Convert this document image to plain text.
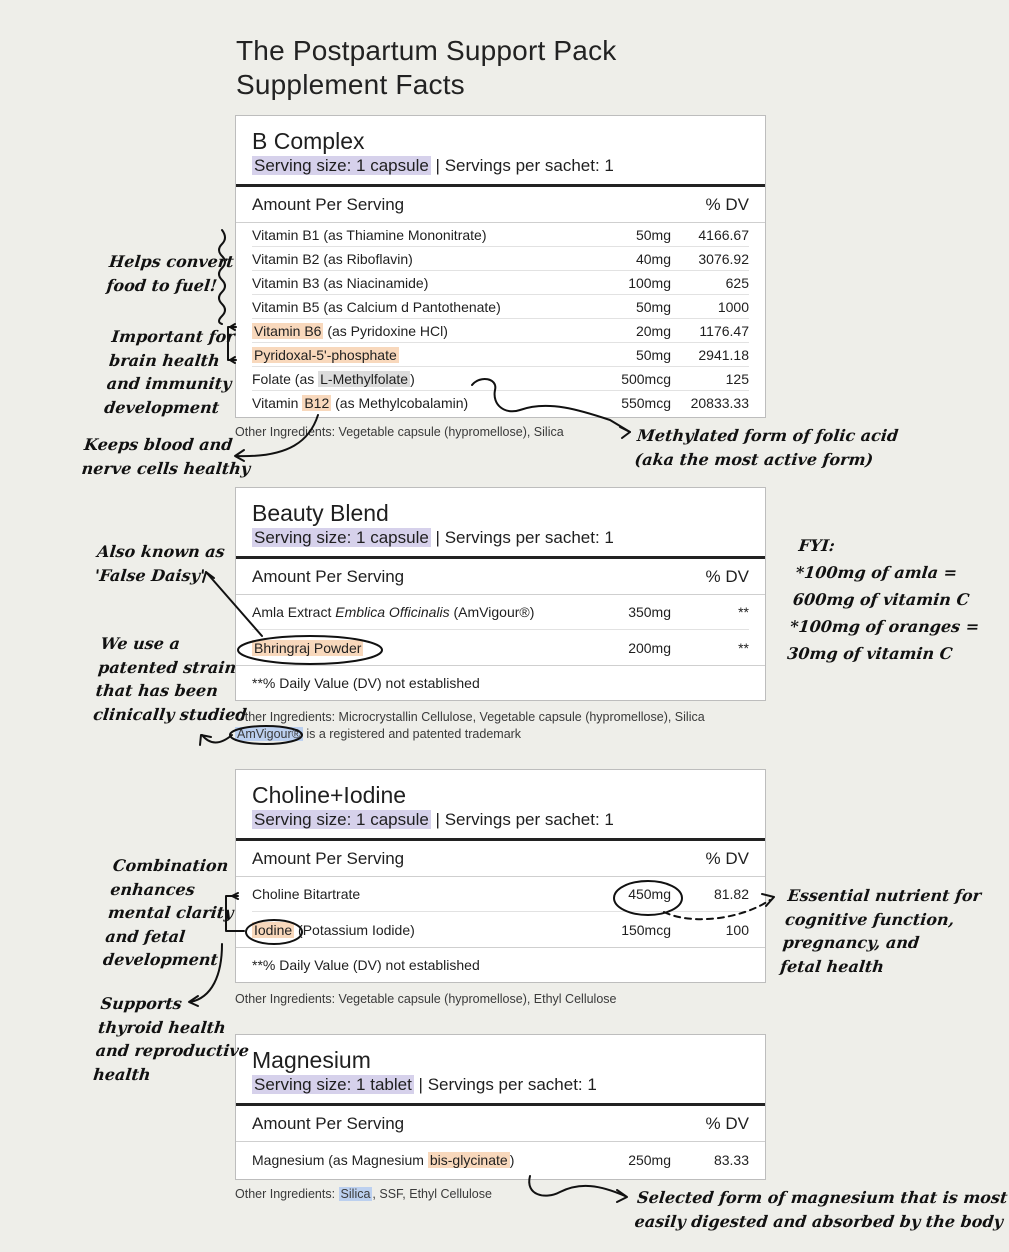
The Postpartum Support Pack
Supplement Facts
B Complex
Serving size: 1 capsule | Servings per sachet: 1
Amount Per Serving	% DV
Vitamin B1 (as Thiamine Mononitrate)	50mg	4166.67
Vitamin B2 (as Riboflavin)	40mg	3076.92
Vitamin B3 (as Niacinamide)	100mg	625
Vitamin B5 (as Calcium d Pantothenate)	50mg	1000
Vitamin B6 (as Pyridoxine HCl)	20mg	1176.47
Pyridoxal-5'-phosphate	50mg	2941.18
Folate (as L-Methylfolate )	500mcg	125
Vitamin B12 (as Methylcobalamin)	550mcg	20833.33
Other Ingredients: Vegetable capsule (hypromellose), Silica
Beauty Blend
Serving size: 1 capsule | Servings per sachet: 1
Amount Per Serving	% DV
Amla Extract Emblica Officinalis (AmVigour®)	350mg	**
Bhringraj Powder	200mg	**
**% Daily Value (DV) not established
Other Ingredients: Microcrystallin Cellulose, Vegetable capsule (hypromellose), Silica
AmVigour® is a registered and patented trademark
Choline+Iodine
Serving size: 1 capsule | Servings per sachet: 1
Amount Per Serving	% DV
Choline Bitartrate	450mg	81.82
Iodine (Potassium Iodide)	150mcg	100
**% Daily Value (DV) not established
Other Ingredients: Vegetable capsule (hypromellose), Ethyl Cellulose
Magnesium
Serving size: 1 tablet | Servings per sachet: 1
Amount Per Serving	% DV
Magnesium (as Magnesium bis-glycinate )	250mg	83.33
Other Ingredients: Silica , SSF, Ethyl Cellulose
Helps convert
food to fuel!
Important for
brain health
and immunity
development
Keeps blood and
nerve cells healthy
Methylated form of folic acid
(aka the most active form)
Also known as
'False Daisy'
We use a
patented strain
that has been
clinically studied
FYI:
*100mg of amla =
600mg of vitamin C
*100mg of oranges =
30mg of vitamin C
Combination
enhances
mental clarity
and fetal
development
Supports
thyroid health
and reproductive
health
Essential nutrient for
cognitive function,
pregnancy, and
fetal health
Selected form of magnesium that is most
easily digested and absorbed by the body
